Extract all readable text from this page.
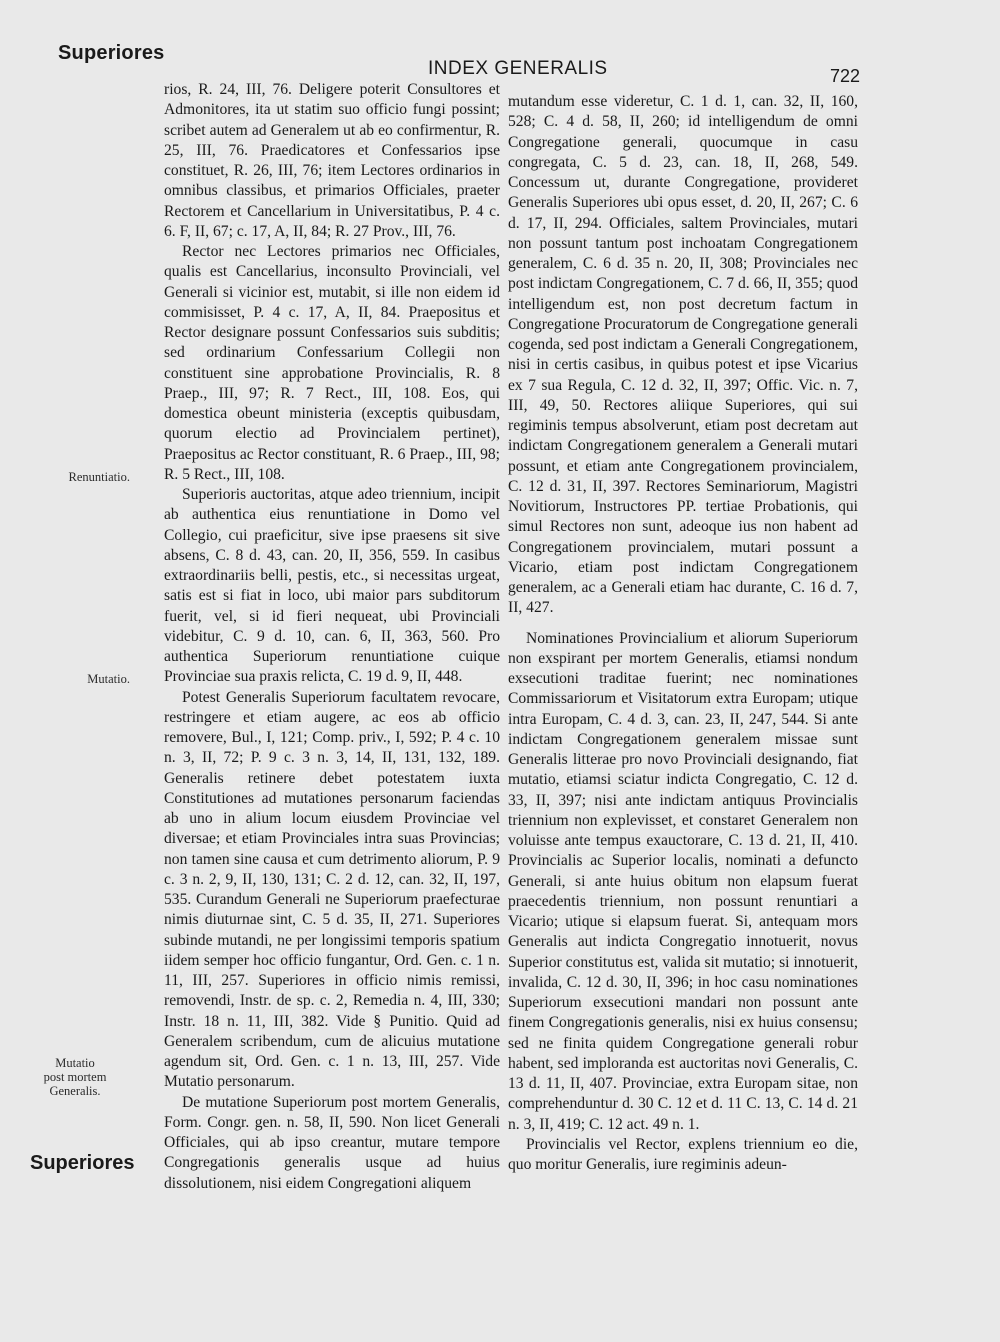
Superiores
INDEX GENERALIS	722
Renuntiatio.
Mutatio.
Mutatio
post mortem
Generalis.

rios, R. 24, III, 76. Deligere poterit Consultores et Admonitores, ita ut statim suo officio fungi possint; scribet autem ad Generalem ut ab eo confirmentur, R. 25, III, 76. Praedicatores et Confessarios ipse constituet, R. 26, III, 76; item Lectores ordinarios in omnibus classibus, et primarios Officiales, praeter Rectorem et Cancellarium in Universitatibus, P. 4 c. 6. F, II, 67; c. 17, A, II, 84; R. 27 Prov., III, 76.

Rector nec Lectores primarios nec Officiales, qualis est Cancellarius, inconsulto Provinciali, vel Generali si vicinior est, mutabit, si ille non eidem id commisisset, P. 4 c. 17, A, II, 84. Praepositus et Rector designare possunt Confessarios suis subditis; sed ordinarium Confessarium Collegii non constituent sine approbatione Provincialis, R. 8 Praep., III, 97; R. 7 Rect., III, 108. Eos, qui domestica obeunt ministeria (exceptis quibusdam, quorum electio ad Provincialem pertinet), Praepositus ac Rector constituant, R. 6 Praep., III, 98; R. 5 Rect., III, 108.

Superioris auctoritas, atque adeo triennium, incipit ab authentica eius renuntiatione in Domo vel Collegio, cui praeficitur, sive ipse praesens sit sive absens, C. 8 d. 43, can. 20, II, 356, 559. In casibus extraordinariis belli, pestis, etc., si necessitas urgeat, satis est si fiat in loco, ubi maior pars subditorum fuerit, vel, si id fieri nequeat, ubi Provinciali videbitur, C. 9 d. 10, can. 6, II, 363, 560. Pro authentica Superiorum renuntiatione cuique Provinciae sua praxis relicta, C. 19 d. 9, II, 448.

Potest Generalis Superiorum facultatem revocare, restringere et etiam augere, ac eos ab officio removere, Bul., I, 121; Comp. priv., I, 592; P. 4 c. 10 n. 3, II, 72; P. 9 c. 3 n. 3, 14, II, 131, 132, 189. Generalis retinere debet potestatem iuxta Constitutiones ad mutationes personarum faciendas ab uno in alium locum eiusdem Provinciae vel diversae; et etiam Provinciales intra suas Provincias; non tamen sine causa et cum detrimento aliorum, P. 9 c. 3 n. 2, 9, II, 130, 131; C. 2 d. 12, can. 32, II, 197, 535. Curandum Generali ne Superiorum praefecturae nimis diuturnae sint, C. 5 d. 35, II, 271. Superiores subinde mutandi, ne per longissimi temporis spatium iidem semper hoc officio fungantur, Ord. Gen. c. 1 n. 11, III, 257. Superiores in officio nimis remissi, removendi, Instr. de sp. c. 2, Remedia n. 4, III, 330; Instr. 18 n. 11, III, 382. Vide § Punitio. Quid ad Generalem scribendum, cum de alicuius mutatione agendum sit, Ord. Gen. c. 1 n. 13, III, 257. Vide Mutatio personarum.

De mutatione Superiorum post mortem Generalis, Form. Congr. gen. n. 58, II, 590. Non licet Generali Officiales, qui ab ipso creantur, mutare tempore Congregationis generalis usque ad huius dissolutionem, nisi eidem Congregationi aliquem

mutandum esse videretur, C. 1 d. 1, can. 32, II, 160, 528; C. 4 d. 58, II, 260; id intelligendum de omni Congregatione generali, quocumque in casu congregata, C. 5 d. 23, can. 18, II, 268, 549. Concessum ut, durante Congregatione, provideret Generalis Superiores ubi opus esset, d. 20, II, 267; C. 6 d. 17, II, 294. Officiales, saltem Provinciales, mutari non possunt tantum post inchoatam Congregationem generalem, C. 6 d. 35 n. 20, II, 308; Provinciales nec post indictam Congregationem, C. 7 d. 66, II, 355; quod intelligendum est, non post decretum factum in Congregatione Procuratorum de Congregatione generali cogenda, sed post indictam a Generali Congregationem, nisi in certis casibus, in quibus potest et ipse Vicarius ex 7 sua Regula, C. 12 d. 32, II, 397; Offic. Vic. n. 7, III, 49, 50. Rectores aliique Superiores, qui sui regiminis tempus absolverunt, etiam post decretam aut indictam Congregationem generalem a Generali mutari possunt, et etiam ante Congregationem provincialem, C. 12 d. 31, II, 397. Rectores Seminariorum, Magistri Novitiorum, Instructores PP. tertiae Probationis, qui simul Rectores non sunt, adeoque ius non habent ad Congregationem provincialem, mutari possunt a Vicario, etiam post indictam Congregationem generalem, ac a Generali etiam hac durante, C. 16 d. 7, II, 427.

Nominationes Provincialium et aliorum Superiorum non exspirant per mortem Generalis, etiamsi nondum exsecutioni traditae fuerint; nec nominationes Commissariorum et Visitatorum extra Europam; utique intra Europam, C. 4 d. 3, can. 23, II, 247, 544. Si ante indictam Congregationem generalem missae sunt Generalis litterae pro novo Provinciali designando, fiat mutatio, etiamsi sciatur indicta Congregatio, C. 12 d. 33, II, 397; nisi ante indictam antiquus Provincialis triennium non explevisset, et constaret Generalem non voluisse ante tempus exauctorare, C. 13 d. 21, II, 410. Provincialis ac Superior localis, nominati a defuncto Generali, si ante huius obitum non elapsum fuerat praecedentis triennium, non possunt renuntiari a Vicario; utique si elapsum fuerat. Si, antequam mors Generalis aut indicta Congregatio innotuerit, novus Superior constitutus est, valida sit mutatio; si innotuerit, invalida, C. 12 d. 30, II, 396; in hoc casu nominationes Superiorum exsecutioni mandari non possunt ante finem Congregationis generalis, nisi ex huius consensu; sed ne finita quidem Congregatione generali robur habent, sed imploranda est auctoritas novi Generalis, C. 13 d. 11, II, 407. Provinciae, extra Europam sitae, non comprehenduntur d. 30 C. 12 et d. 11 C. 13, C. 14 d. 21 n. 3, II, 419; C. 12 act. 49 n. 1.

Provincialis vel Rector, explens triennium eo die, quo moritur Generalis, iure regiminis adeun-

Superiores
